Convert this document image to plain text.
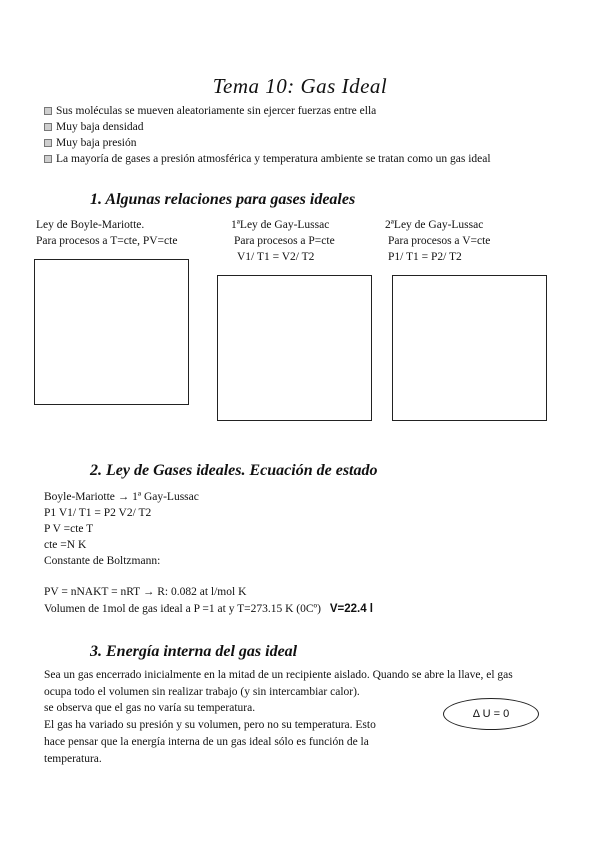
Tema 10: Gas Ideal
Sus moléculas se mueven aleatoriamente sin ejercer fuerzas entre ella
Muy baja densidad
Muy baja presión
La mayoría de gases a presión atmosférica y temperatura ambiente se tratan como un gas ideal
1. Algunas relaciones para gases ideales
Ley de Boyle-Mariotte.
Para procesos a T=cte, PV=cte
1ªLey de Gay-Lussac
Para procesos a P=cte
V1/ T1 = V2/ T2
2ªLey de Gay-Lussac
Para procesos a V=cte
P1/ T1 = P2/ T2
2. Ley de Gases ideales. Ecuación de estado
Boyle-Mariotte → 1ª Gay-Lussac
P1 V1/ T1 = P2 V2/ T2
P V =cte T
cte =N K
Constante de Boltzmann:
PV = nNAKT = nRT → R: 0.082 at l/mol K
Volumen de 1mol de gas ideal a P =1 at y T=273.15 K (0Cº) V=22.4 l
3. Energía interna del gas ideal
Sea un gas encerrado inicialmente en la mitad de un recipiente aislado. Quando se abre la llave, el gas
ocupa todo el volumen sin realizar trabajo (y sin intercambiar calor).
se observa que el gas no varía su temperatura.
El gas ha variado su presión y su volumen, pero no su temperatura. Esto
hace pensar que la energía interna de un gas ideal sólo es función de la
temperatura.
Δ U = 0
